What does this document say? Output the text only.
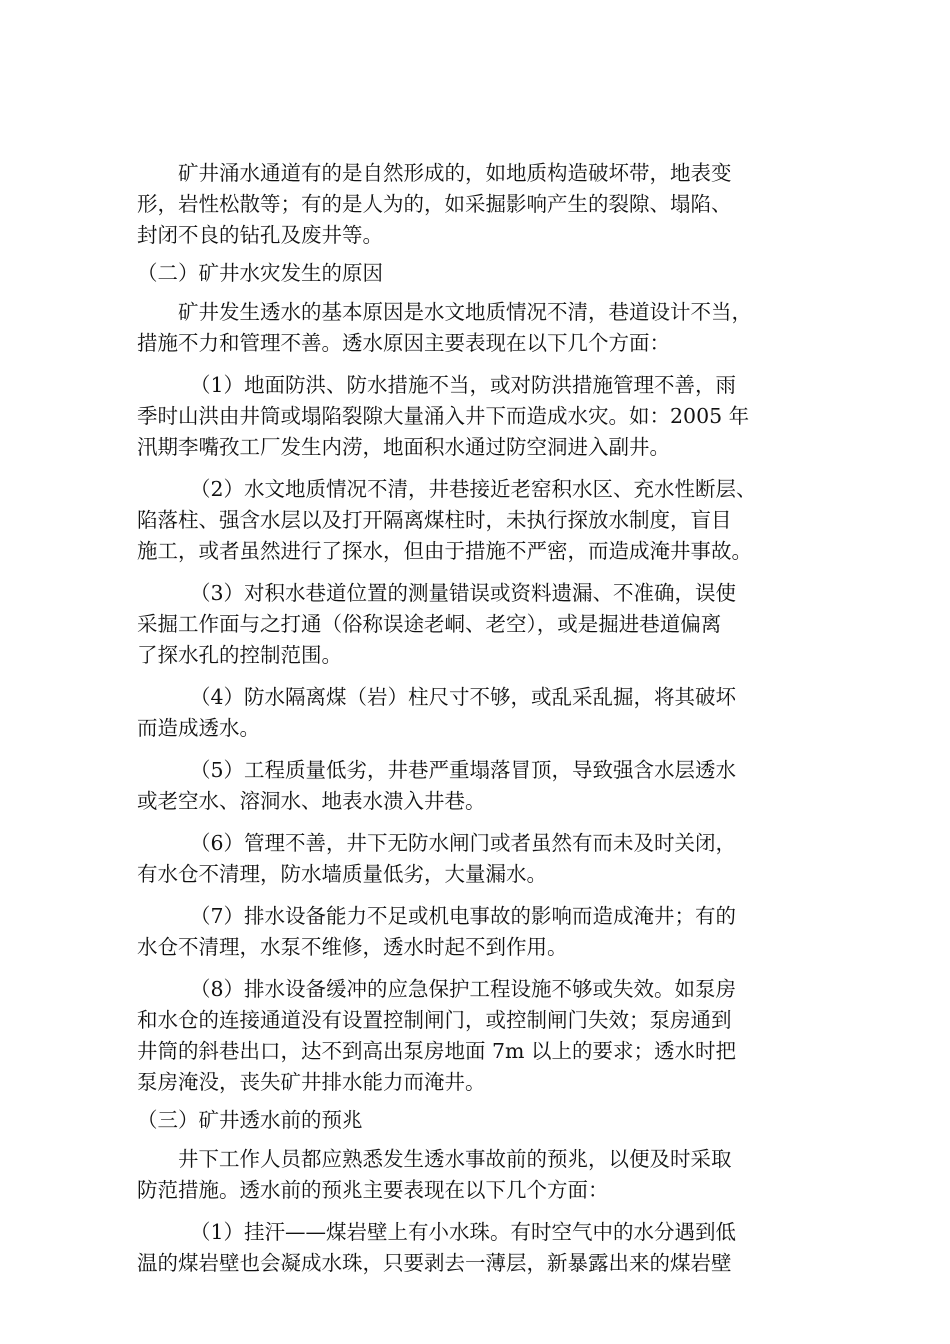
矿井涌水通道有的是自然形成的，如地质构造破坏带，地表变
形，岩性松散等；有的是人为的，如采掘影响产生的裂隙、塌陷、
封闭不良的钻孔及废井等。
（二）矿井水灾发生的原因
矿井发生透水的基本原因是水文地质情况不清，巷道设计不当，
措施不力和管理不善。透水原因主要表现在以下几个方面：
（1）地面防洪、防水措施不当，或对防洪措施管理不善，雨
季时山洪由井筒或塌陷裂隙大量涌入井下而造成水灾。如：2005 年
汛期李嘴孜工厂发生内涝，地面积水通过防空洞进入副井。
（2）水文地质情况不清，井巷接近老窑积水区、充水性断层、
陷落柱、强含水层以及打开隔离煤柱时，未执行探放水制度，盲目
施工，或者虽然进行了探水，但由于措施不严密，而造成淹井事故。
（3）对积水巷道位置的测量错误或资料遗漏、不准确，误使
采掘工作面与之打通（俗称误途老峒、老空），或是掘进巷道偏离
了探水孔的控制范围。
（4）防水隔离煤（岩）柱尺寸不够，或乱采乱掘，将其破坏
而造成透水。
（5）工程质量低劣，井巷严重塌落冒顶，导致强含水层透水
或老空水、溶洞水、地表水溃入井巷。
（6）管理不善，井下无防水闸门或者虽然有而未及时关闭，
有水仓不清理，防水墙质量低劣，大量漏水。
（7）排水设备能力不足或机电事故的影响而造成淹井；有的
水仓不清理，水泵不维修，透水时起不到作用。
（8）排水设备缓冲的应急保护工程设施不够或失效。如泵房
和水仓的连接通道没有设置控制闸门，或控制闸门失效；泵房通到
井筒的斜巷出口，达不到高出泵房地面 7m 以上的要求；透水时把
泵房淹没，丧失矿井排水能力而淹井。
（三）矿井透水前的预兆
井下工作人员都应熟悉发生透水事故前的预兆，以便及时采取
防范措施。透水前的预兆主要表现在以下几个方面：
（1）挂汗——煤岩壁上有小水珠。有时空气中的水分遇到低
温的煤岩壁也会凝成水珠，只要剥去一薄层，新暴露出来的煤岩壁
